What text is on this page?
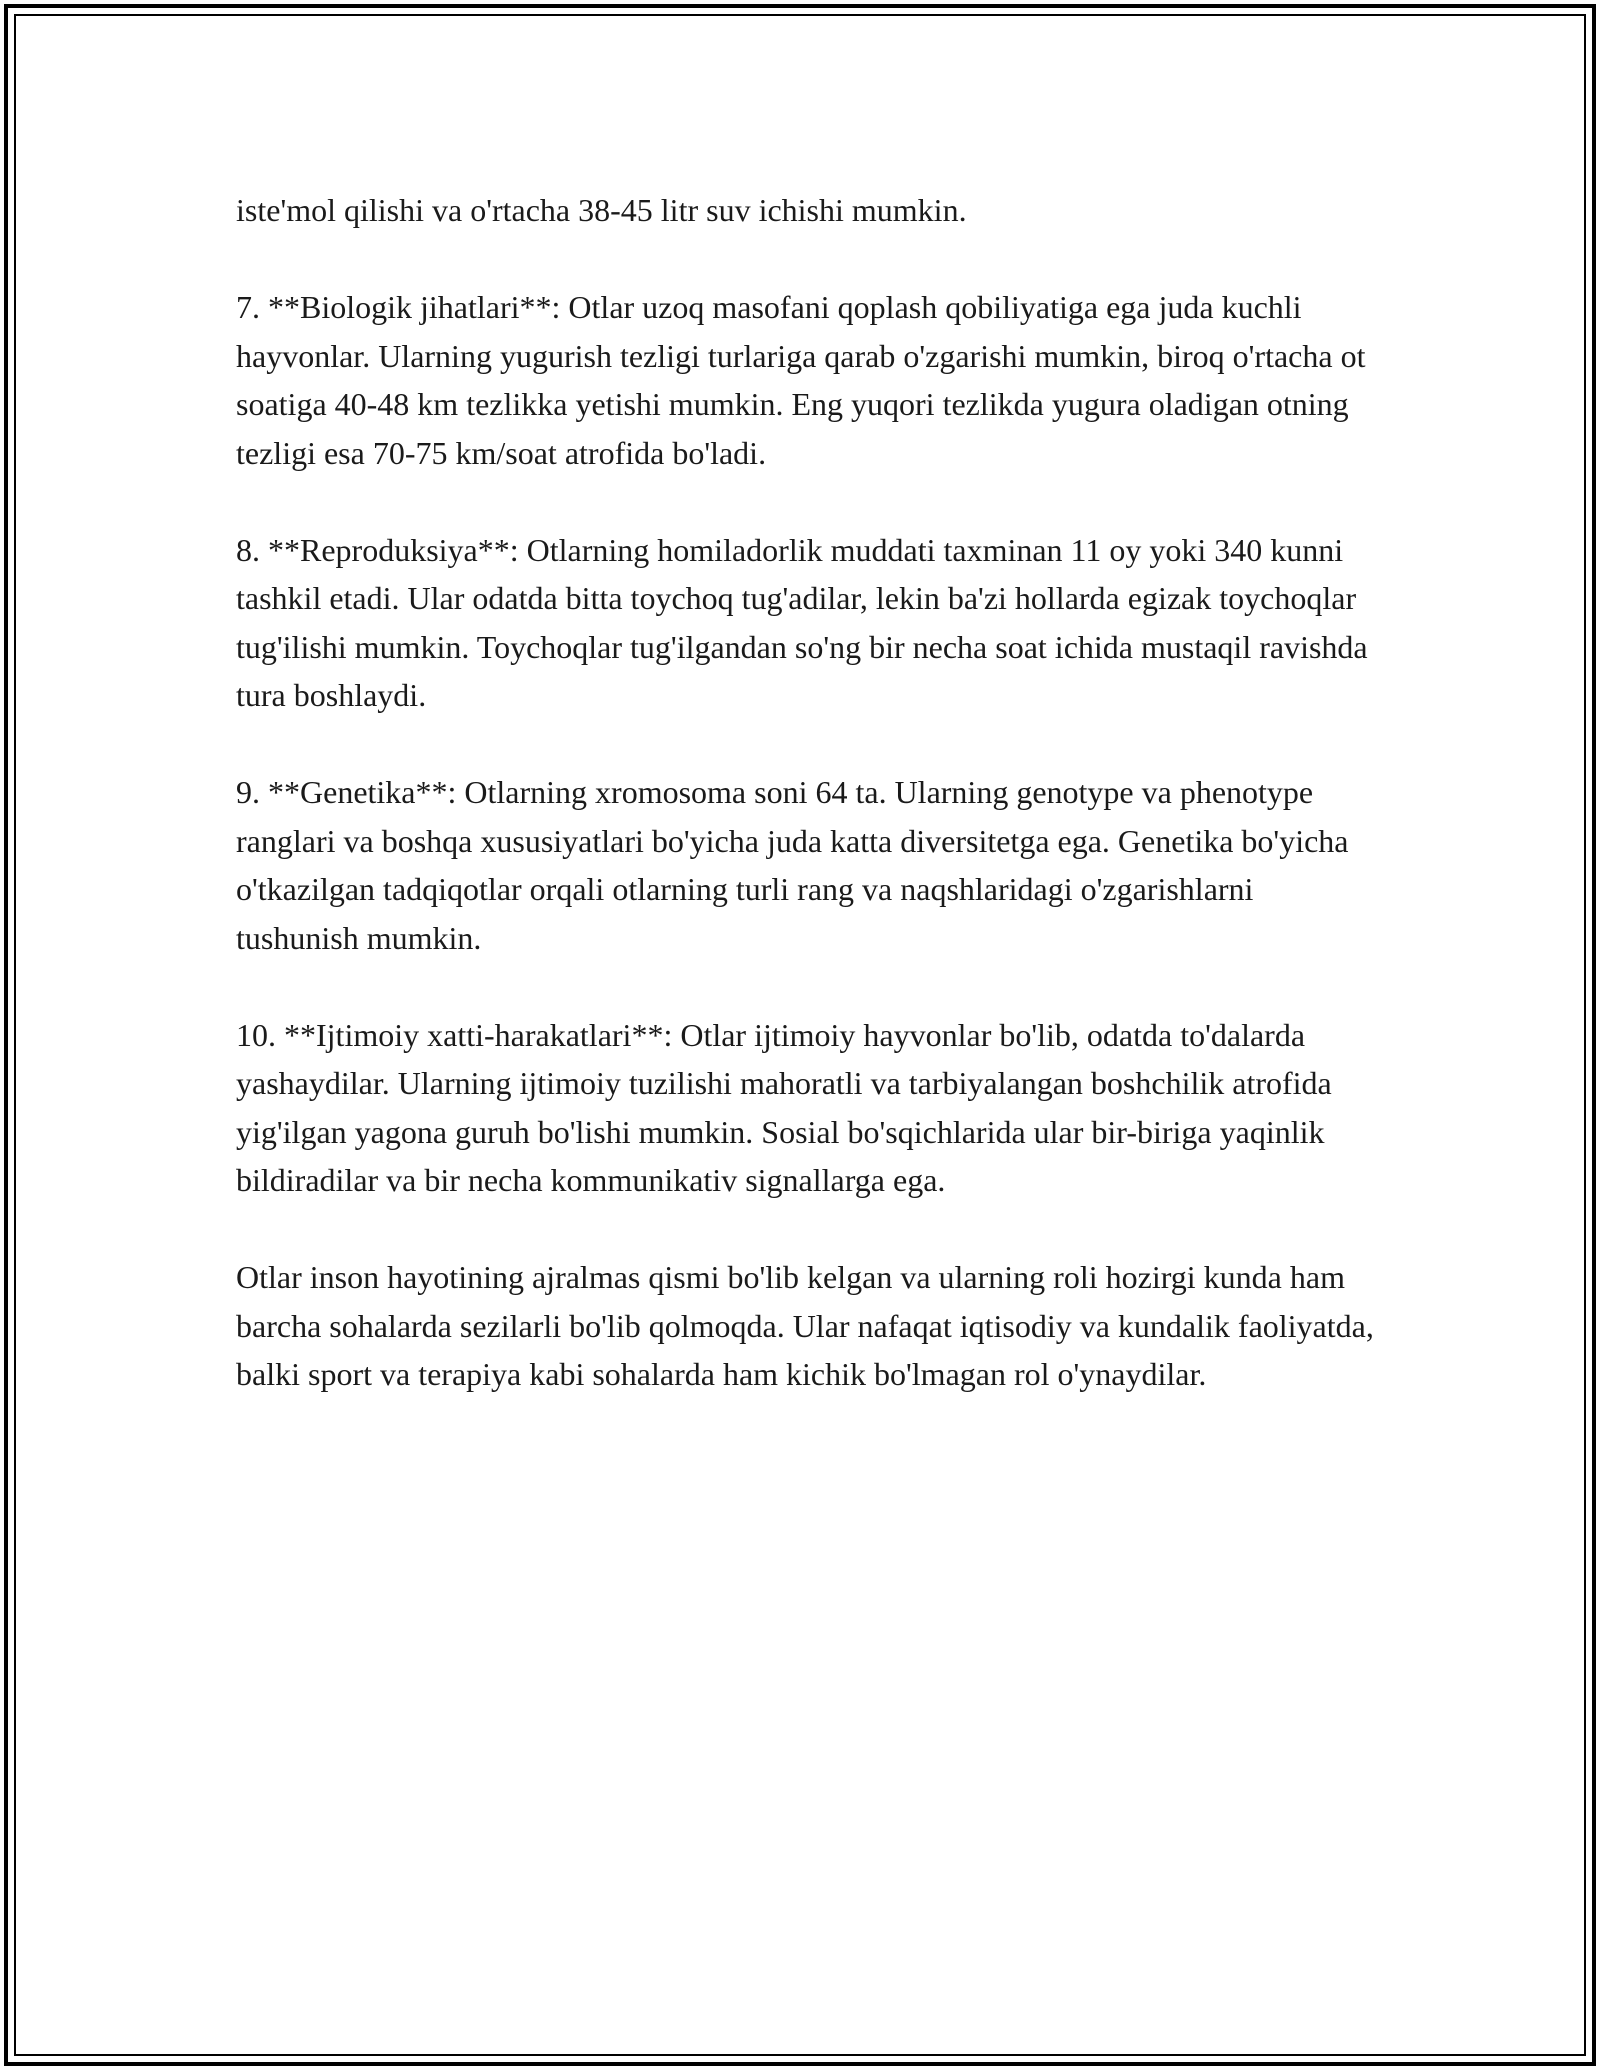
iste'mol qilishi va o'rtacha 38-45 litr suv ichishi mumkin.

7. **Biologik jihatlari**: Otlar uzoq masofani qoplash qobiliyatiga ega juda kuchli hayvonlar. Ularning yugurish tezligi turlariga qarab o'zgarishi mumkin, biroq o'rtacha ot soatiga 40-48 km tezlikka yetishi mumkin. Eng yuqori tezlikda yugura oladigan otning tezligi esa 70-75 km/soat atrofida bo'ladi.

8. **Reproduksiya**: Otlarning homiladorlik muddati taxminan 11 oy yoki 340 kunni tashkil etadi. Ular odatda bitta toychoq tug'adilar, lekin ba'zi hollarda egizak toychoqlar tug'ilishi mumkin. Toychoqlar tug'ilgandan so'ng bir necha soat ichida mustaqil ravishda tura boshlaydi.

9. **Genetika**: Otlarning xromosoma soni 64 ta. Ularning genotype va phenotype ranglari va boshqa xususiyatlari bo'yicha juda katta diversitetga ega. Genetika bo'yicha o'tkazilgan tadqiqotlar orqali otlarning turli rang va naqshlaridagi o'zgarishlarni tushunish mumkin.

10. **Ijtimoiy xatti-harakatlari**: Otlar ijtimoiy hayvonlar bo'lib, odatda to'dalarda yashaydilar. Ularning ijtimoiy tuzilishi mahoratli va tarbiyalangan boshchilik atrofida yig'ilgan yagona guruh bo'lishi mumkin. Sosial bo'sqichlarida ular bir-biriga yaqinlik bildiradilar va bir necha kommunikativ signallarga ega.

Otlar inson hayotining ajralmas qismi bo'lib kelgan va ularning roli hozirgi kunda ham barcha sohalarda sezilarli bo'lib qolmoqda. Ular nafaqat iqtisodiy va kundalik faoliyatda, balki sport va terapiya kabi sohalarda ham kichik bo'lmagan rol o'ynaydilar.
